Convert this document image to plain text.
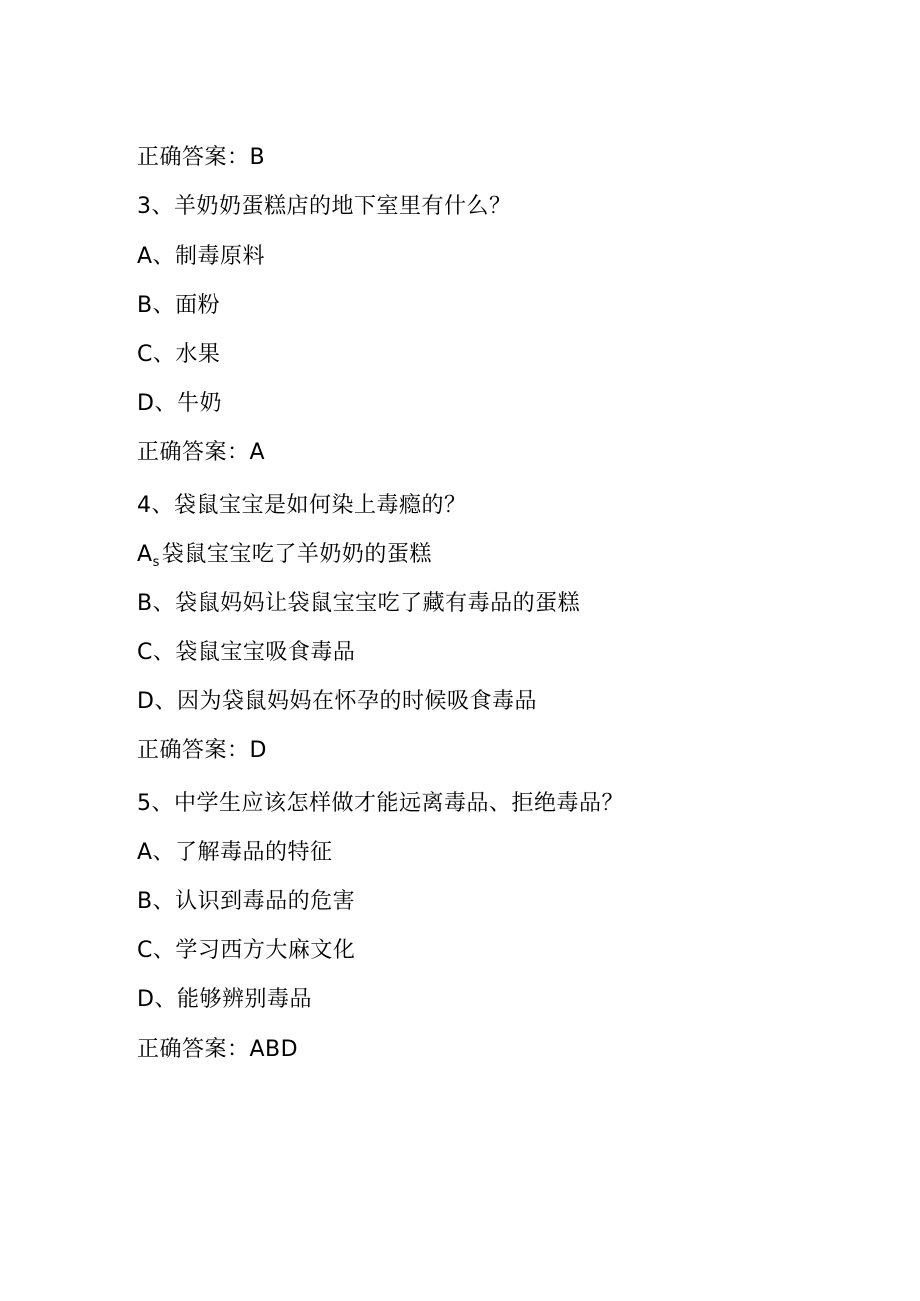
正确答案：B
3、羊奶奶蛋糕店的地下室里有什么？
A、制毒原料
B、面粉
C、水果
D、牛奶
正确答案：A
4、袋鼠宝宝是如何染上毒瘾的？
$A_s$袋鼠宝宝吃了羊奶奶的蛋糕
B、袋鼠妈妈让袋鼠宝宝吃了藏有毒品的蛋糕
C、袋鼠宝宝吸食毒品
D、因为袋鼠妈妈在怀孕的时候吸食毒品
正确答案：D
5、中学生应该怎样做才能远离毒品、拒绝毒品？
A、了解毒品的特征
B、认识到毒品的危害
C、学习西方大麻文化
D、能够辨别毒品
正确答案：ABD
